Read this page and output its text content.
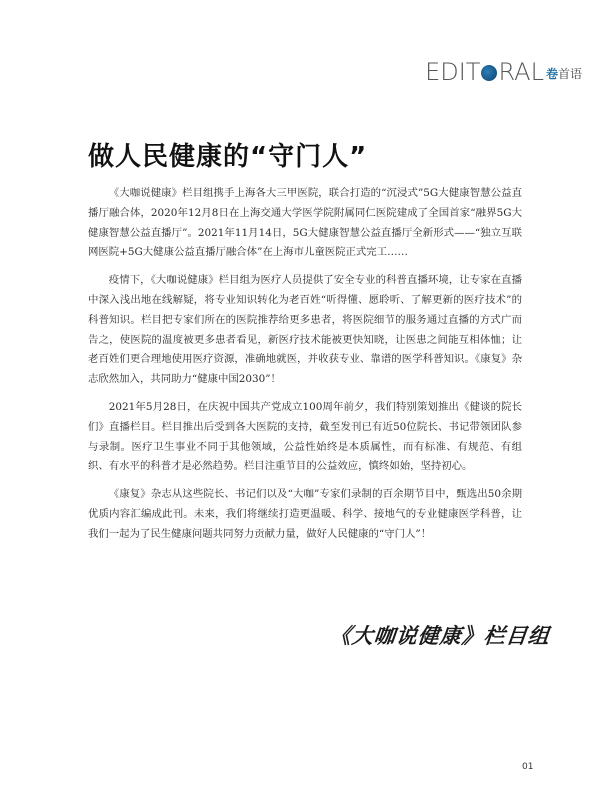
EDIT RAL 卷首语
做人民健康的“守门人”

《大咖说健康》栏目组携手上海各大三甲医院，联合打造的“沉浸式”5G大健康智慧公益直播厅融合体，2020年12月8日在上海交通大学医学院附属同仁医院建成了全国首家“融界5G大健康智慧公益直播厅”。2021年11月14日，5G大健康智慧公益直播厅全新形式——“独立互联网医院+5G大健康公益直播厅融合体”在上海市儿童医院正式完工……

疫情下，《大咖说健康》栏目组为医疗人员提供了安全专业的科普直播环境，让专家在直播中深入浅出地在线解疑，将专业知识转化为老百姓“听得懂、愿聆听、了解更新的医疗技术”的科普知识。栏目把专家们所在的医院推荐给更多患者，将医院细节的服务通过直播的方式广而告之，使医院的温度被更多患者看见，新医疗技术能被更快知晓，让医患之间能互相体恤；让老百姓们更合理地使用医疗资源，准确地就医，并收获专业、靠谱的医学科普知识。《康复》杂志欣然加入，共同助力“健康中国2030”！

2021年5月28日，在庆祝中国共产党成立100周年前夕，我们特别策划推出《健谈的院长们》直播栏目。栏目推出后受到各大医院的支持，截至发刊已有近50位院长、书记带领团队参与录制。医疗卫生事业不同于其他领域，公益性始终是本质属性，而有标准、有规范、有组织、有水平的科普才是必然趋势。栏目注重节目的公益效应，慎终如始，坚持初心。

《康复》杂志从这些院长、书记们以及“大咖”专家们录制的百余期节目中，甄选出50余期优质内容汇编成此刊。未来，我们将继续打造更温暖、科学、接地气的专业健康医学科普，让我们一起为了民生健康问题共同努力贡献力量，做好人民健康的“守门人”！

《大咖说健康》栏目组
01
